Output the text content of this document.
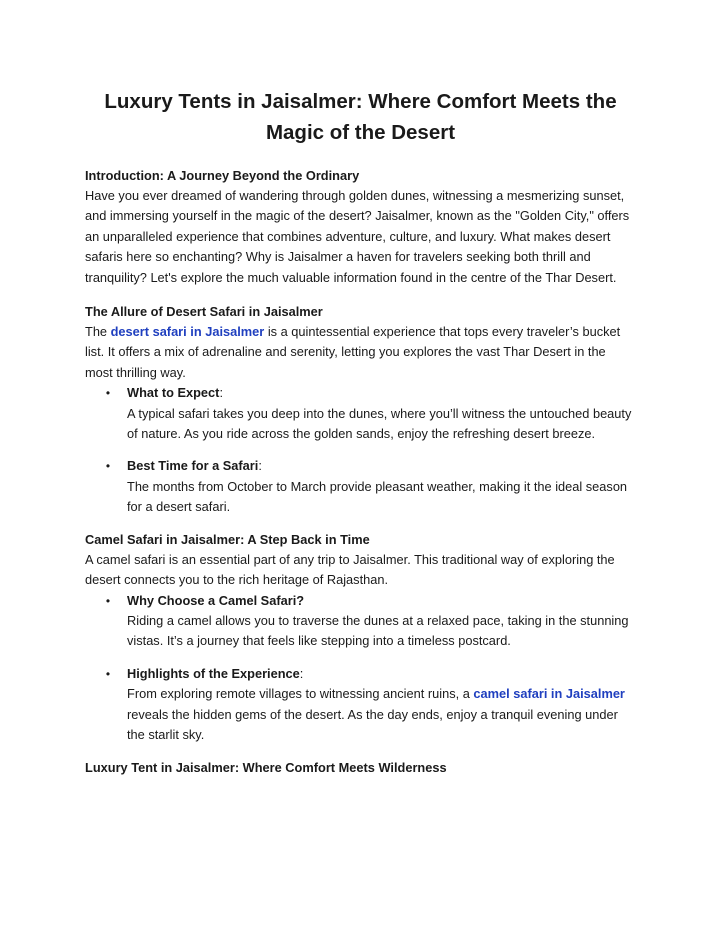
Luxury Tents in Jaisalmer: Where Comfort Meets the Magic of the Desert
Introduction: A Journey Beyond the Ordinary

Have you ever dreamed of wandering through golden dunes, witnessing a mesmerizing sunset, and immersing yourself in the magic of the desert? Jaisalmer, known as the "Golden City," offers an unparalleled experience that combines adventure, culture, and luxury. What makes desert safaris here so enchanting? Why is Jaisalmer a haven for travelers seeking both thrill and tranquility? Let's explore the much valuable information found in the centre of the Thar Desert.

The Allure of Desert Safari in Jaisalmer

The desert safari in Jaisalmer is a quintessential experience that tops every traveler’s bucket list. It offers a mix of adrenaline and serenity, letting you explores the vast Thar Desert in the most thrilling way.

• What to Expect:
A typical safari takes you deep into the dunes, where you’ll witness the untouched beauty of nature. As you ride across the golden sands, enjoy the refreshing desert breeze.
• Best Time for a Safari:
The months from October to March provide pleasant weather, making it the ideal season for a desert safari.
Camel Safari in Jaisalmer: A Step Back in Time

A camel safari is an essential part of any trip to Jaisalmer. This traditional way of exploring the desert connects you to the rich heritage of Rajasthan.

• Why Choose a Camel Safari?
Riding a camel allows you to traverse the dunes at a relaxed pace, taking in the stunning vistas. It’s a journey that feels like stepping into a timeless postcard.
• Highlights of the Experience:
From exploring remote villages to witnessing ancient ruins, a camel safari in Jaisalmer reveals the hidden gems of the desert. As the day ends, enjoy a tranquil evening under the starlit sky.
Luxury Tent in Jaisalmer: Where Comfort Meets Wilderness
